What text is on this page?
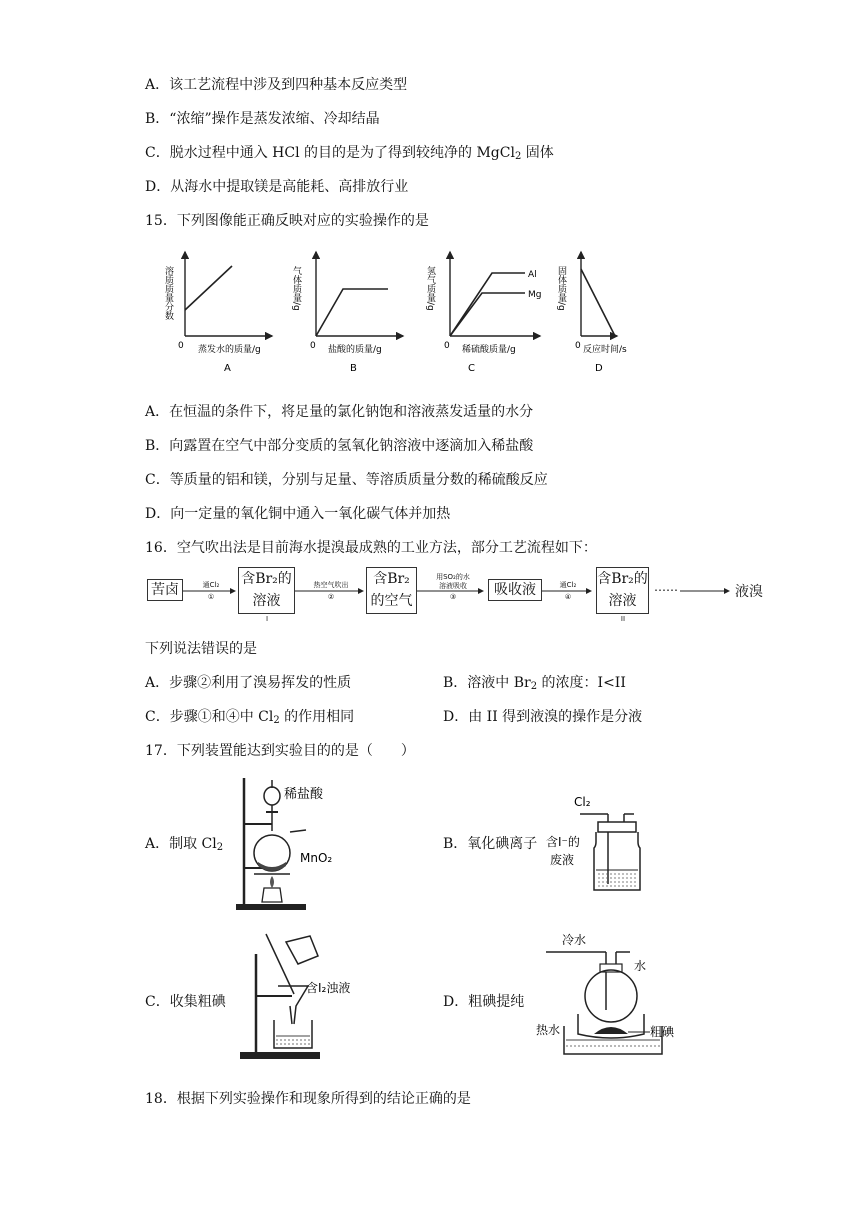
A．该工艺流程中涉及到四种基本反应类型
B．“浓缩”操作是蒸发浓缩、冷却结晶
C．脱水过程中通入 HCl 的目的是为了得到较纯净的 MgCl$_2$ 固体
D．从海水中提取镁是高能耗、高排放行业
15．下列图像能正确反映对应的实验操作的是
溶质质量分数
0 蒸发水的质量/g
A
气体质量/g
0 盐酸的质量/g
B
Al
Mg
氢气质量/g
0 稀硫酸质量/g
C
固体质量/g
0 反应时间/s
D
A．在恒温的条件下，将足量的氯化钠饱和溶液蒸发适量的水分
B．向露置在空气中部分变质的氢氧化钠溶液中逐滴加入稀盐酸
C．等质量的铝和镁，分别与足量、等溶质质量分数的稀硫酸反应
D．向一定量的氧化铜中通入一氧化碳气体并加热
16．空气吹出法是目前海水提溴最成熟的工业方法，部分工艺流程如下：
苦卤	通Cl₂
①
含Br₂的溶液
热空气吹出
②
含Br₂的空气
用SO₂的水
溶液吸收
③	吸收液	通Cl₂
④
含Br₂的溶液
……	液溴
I	II
下列说法错误的是
A．步骤②利用了溴易挥发的性质	B．溶液中 $Br_2$ 的浓度：I<II
C．步骤①和④中 $Cl_2$ 的作用相同	D．由 II 得到液溴的操作是分液
17．下列装置能达到实验目的的是（　　）
A．制取 $Cl_2$	B．氧化碘离子
C．收集粗碘	D．粗碘提纯
稀盐酸
MnO₂
Cl₂
含I⁻的
废液
含I₂浊液
冷水
水
热水	粗碘
18．根据下列实验操作和现象所得到的结论正确的是
